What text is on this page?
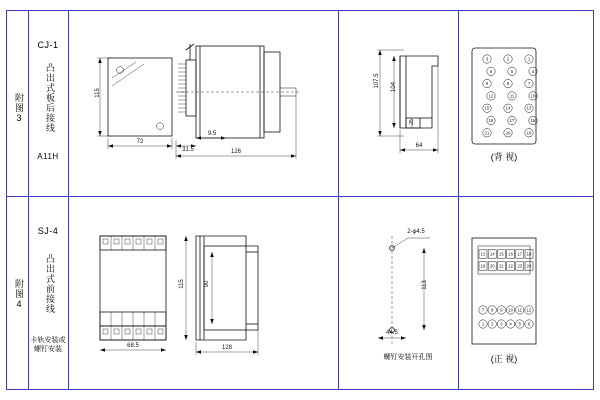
附图3
CJ-1
凸出式板后接线
A11H
115
72
31.5
9.5
126
107.5 104
25
64
3	2	1
6	5	4
9	8	7
12	11	10
15	14	13
18	17	16
21	20	19
(背 视)
附图4
SJ-4
凸出式前接线
卡轨安装或螺钉安装	68.5
115	90
128
2-φ4.5
113
44.5
螺钉安装开孔图
13 14 15 16 17 18
19 20 21 22 23 24
7 8 9 10 11 12
1 2 3 4 5 6
(正 视)
